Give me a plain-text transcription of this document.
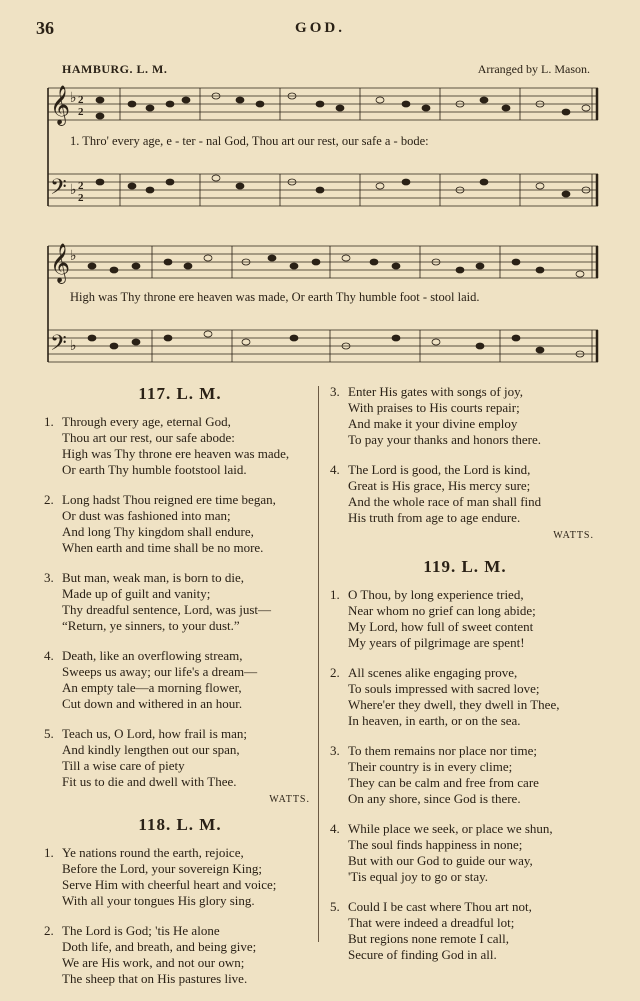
36	GOD.
HAMBURG. L. M.	Arranged by L. Mason.
𝄞
𝄢
♭
♭
2
2
2
2
1. Thro' every age, e - ter - nal God, Thou art our rest, our safe a - bode:
𝄞
𝄢
♭
♭
High was Thy throne ere heaven was made, Or earth Thy humble foot - stool laid.
117. L. M.
1. Through every age, eternal God,
Thou art our rest, our safe abode:
High was Thy throne ere heaven was made,
Or earth Thy humble footstool laid.
2. Long hadst Thou reigned ere time began,
Or dust was fashioned into man;
And long Thy kingdom shall endure,
When earth and time shall be no more.
3. But man, weak man, is born to die,
Made up of guilt and vanity;
Thy dreadful sentence, Lord, was just—
“Return, ye sinners, to your dust.”
4. Death, like an overflowing stream,
Sweeps us away; our life's a dream—
An empty tale—a morning flower,
Cut down and withered in an hour.
5. Teach us, O Lord, how frail is man;
And kindly lengthen out our span,
Till a wise care of piety
Fit us to die and dwell with Thee.
WATTS.
118. L. M.
1. Ye nations round the earth, rejoice,
Before the Lord, your sovereign King;
Serve Him with cheerful heart and voice;
With all your tongues His glory sing.
2. The Lord is God; 'tis He alone
Doth life, and breath, and being give;
We are His work, and not our own;
The sheep that on His pastures live.
3. Enter His gates with songs of joy,
With praises to His courts repair;
And make it your divine employ
To pay your thanks and honors there.
4. The Lord is good, the Lord is kind,
Great is His grace, His mercy sure;
And the whole race of man shall find
His truth from age to age endure.
WATTS.
119. L. M.
1. O Thou, by long experience tried,
Near whom no grief can long abide;
My Lord, how full of sweet content
My years of pilgrimage are spent!
2. All scenes alike engaging prove,
To souls impressed with sacred love;
Where'er they dwell, they dwell in Thee,
In heaven, in earth, or on the sea.
3. To them remains nor place nor time;
Their country is in every clime;
They can be calm and free from care
On any shore, since God is there.
4. While place we seek, or place we shun,
The soul finds happiness in none;
But with our God to guide our way,
'Tis equal joy to go or stay.
5. Could I be cast where Thou art not,
That were indeed a dreadful lot;
But regions none remote I call,
Secure of finding God in all.
